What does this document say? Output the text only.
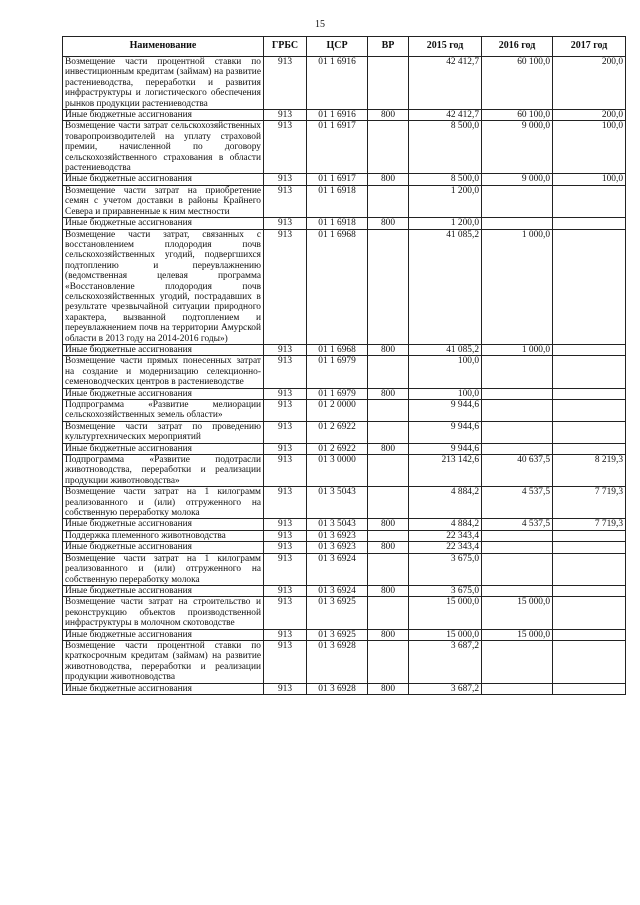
15
Наименование	ГРБС	ЦСР	ВР	2015 год	2016 год	2017 год
Возмещение части процентной ставки по инвестиционным кредитам (займам) на развитие растениеводства, переработки и развития инфраструктуры и логистического обеспечения рынков продукции растениеводства	913	01 1 6916		42 412,7	60 100,0	200,0
Иные бюджетные ассигнования	913	01 1 6916	800	42 412,7	60 100,0	200,0
Возмещение части затрат сельскохозяйственных товаропроизводителей на уплату страховой премии, начисленной по договору сельскохозяйственного страхования в области растениеводства	913	01 1 6917		8 500,0	9 000,0	100,0
Иные бюджетные ассигнования	913	01 1 6917	800	8 500,0	9 000,0	100,0
Возмещение части затрат на приобретение семян с учетом доставки в районы Крайнего Севера и приравненные к ним местности	913	01 1 6918		1 200,0		
Иные бюджетные ассигнования	913	01 1 6918	800	1 200,0		
Возмещение части затрат, связанных с восстановлением плодородия почв сельскохозяйственных угодий, подвергшихся подтоплению и переувлажнению (ведомственная целевая программа «Восстановление плодородия почв сельскохозяйственных угодий, пострадавших в результате чрезвычайной ситуации природного характера, вызванной подтоплением и переувлажнением почв на территории Амурской области в 2013 году на 2014-2016 годы»)	913	01 1 6968		41 085,2	1 000,0	
Иные бюджетные ассигнования	913	01 1 6968	800	41 085,2	1 000,0	
Возмещение части прямых понесенных затрат на создание и модернизацию селекционно-семеноводческих центров в растениеводстве	913	01 1 6979		100,0		
Иные бюджетные ассигнования	913	01 1 6979	800	100,0		
Подпрограмма «Развитие мелиорации сельскохозяйственных земель области»	913	01 2 0000		9 944,6		
Возмещение части затрат по проведению культуртехнических мероприятий	913	01 2 6922		9 944,6		
Иные бюджетные ассигнования	913	01 2 6922	800	9 944,6		
Подпрограмма «Развитие подотрасли животноводства, переработки и реализации продукции животноводства»	913	01 3 0000		213 142,6	40 637,5	8 219,3
Возмещение части затрат на 1 килограмм реализованного и (или) отгруженного на собственную переработку молока	913	01 3 5043		4 884,2	4 537,5	7 719,3
Иные бюджетные ассигнования	913	01 3 5043	800	4 884,2	4 537,5	7 719,3
Поддержка племенного животноводства	913	01 3 6923		22 343,4		
Иные бюджетные ассигнования	913	01 3 6923	800	22 343,4		
Возмещение части затрат на 1 килограмм реализованного и (или) отгруженного на собственную переработку молока	913	01 3 6924		3 675,0		
Иные бюджетные ассигнования	913	01 3 6924	800	3 675,0		
Возмещение части затрат на строительство и реконструкцию объектов производственной инфраструктуры в молочном скотоводстве	913	01 3 6925		15 000,0	15 000,0	
Иные бюджетные ассигнования	913	01 3 6925	800	15 000,0	15 000,0	
Возмещение части процентной ставки по краткосрочным кредитам (займам) на развитие животноводства, переработки и реализации продукции животноводства	913	01 3 6928		3 687,2		
Иные бюджетные ассигнования	913	01 3 6928	800	3 687,2		
